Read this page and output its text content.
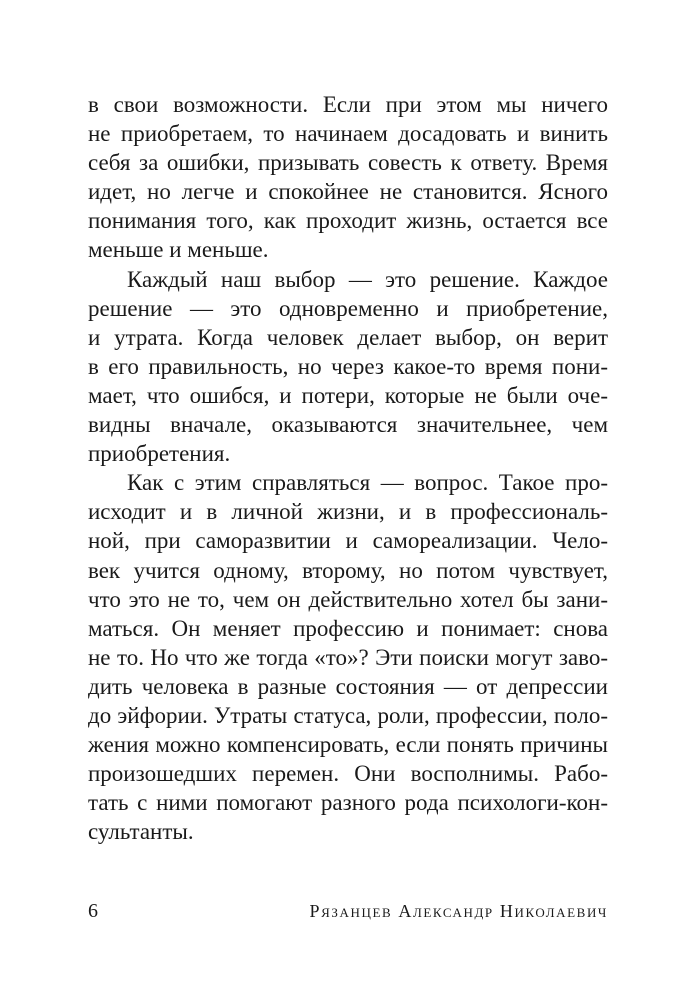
в свои возможности. Если при этом мы ничего
не приобретаем, то начинаем досадовать и винить
себя за ошибки, призывать совесть к ответу. Время
идет, но легче и спокойнее не становится. Ясного
понимания того, как проходит жизнь, остается все
меньше и меньше.
Каждый наш выбор — это решение. Каждое
решение — это одновременно и приобретение,
и утрата. Когда человек делает выбор, он верит
в его правильность, но через какое-то время пони-
мает, что ошибся, и потери, которые не были оче-
видны вначале, оказываются значительнее, чем
приобретения.
Как с этим справляться — вопрос. Такое про-
исходит и в личной жизни, и в профессиональ-
ной, при саморазвитии и самореализации. Чело-
век учится одному, второму, но потом чувствует,
что это не то, чем он действительно хотел бы зани-
маться. Он меняет профессию и понимает: снова
не то. Но что же тогда «то»? Эти поиски могут заво-
дить человека в разные состояния — от депрессии
до эйфории. Утраты статуса, роли, профессии, поло-
жения можно компенсировать, если понять причины
произошедших перемен. Они восполнимы. Рабо-
тать с ними помогают разного рода психологи-кон-
сультанты.
6	Рязанцев Александр Николаевич
